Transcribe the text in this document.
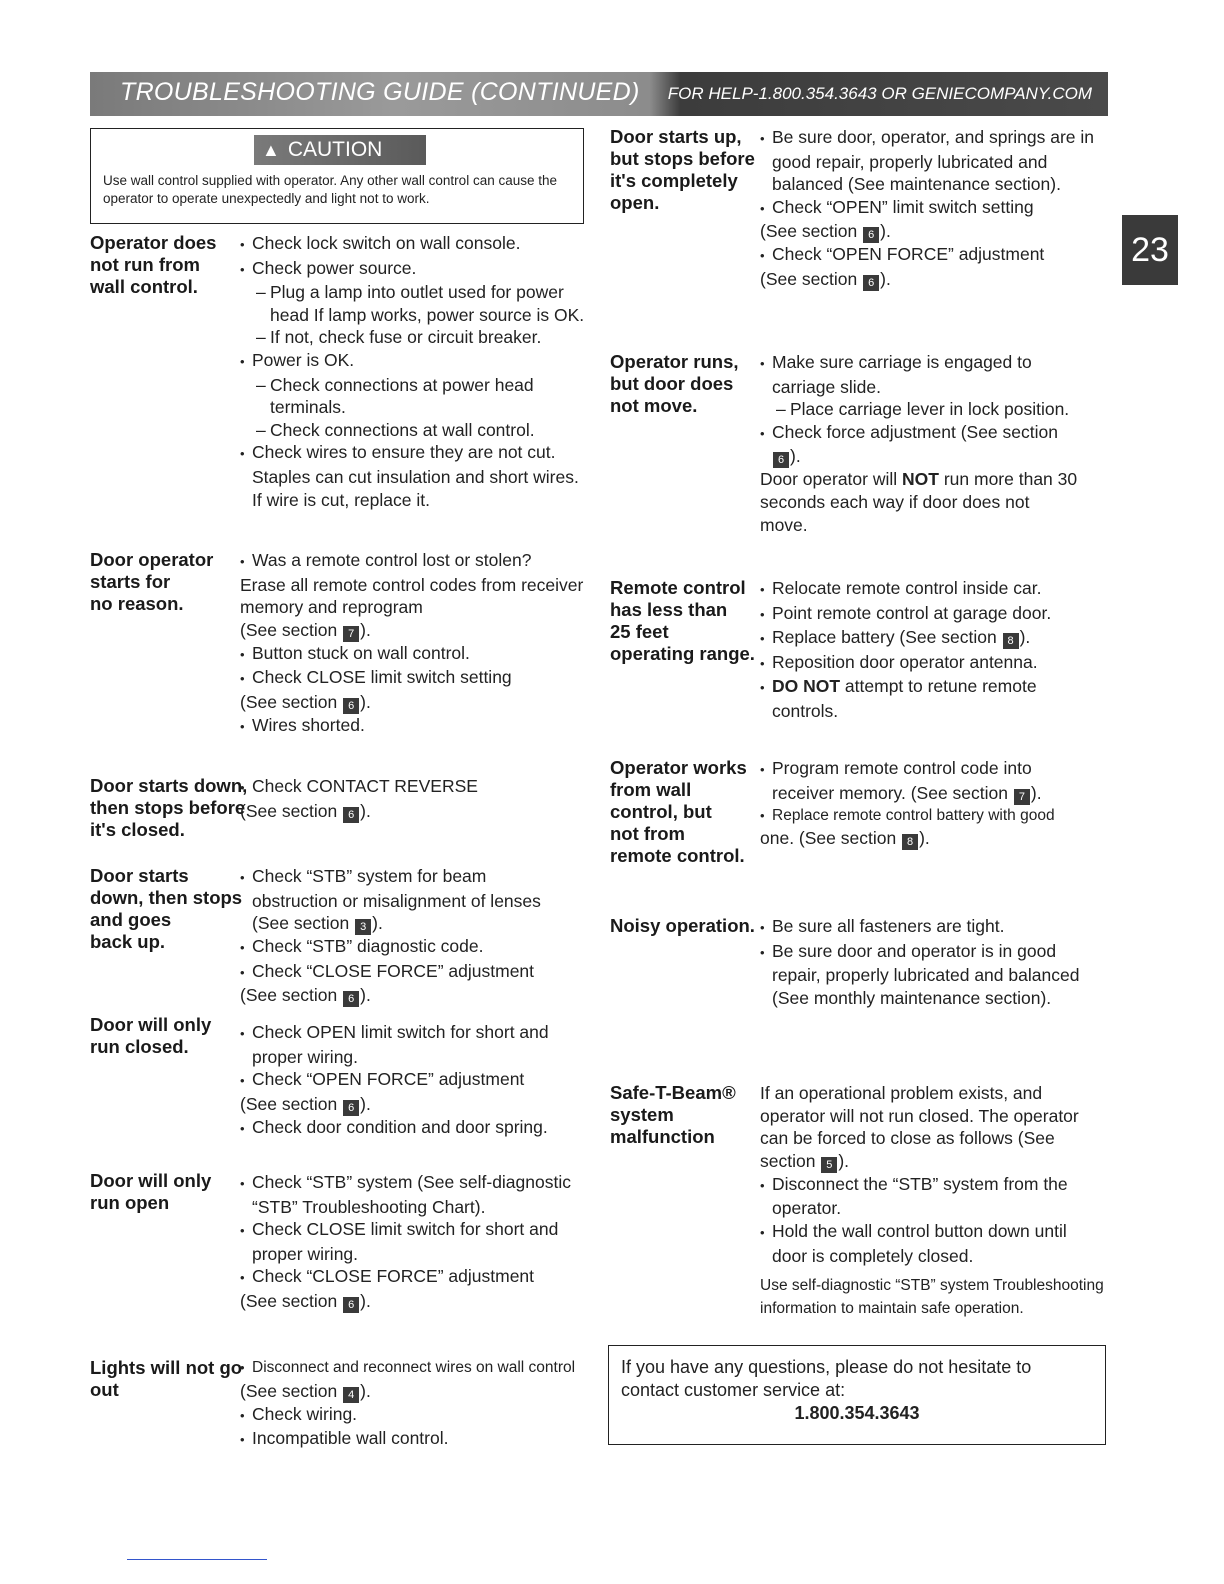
TROUBLESHOOTING GUIDE (CONTINUED) FOR HELP-1.800.354.3643 OR GENIECOMPANY.COM
23
▲ CAUTION
Use wall control supplied with operator. Any other wall control can cause the operator to operate unexpectedly and light not to work.
Operator does
not run from
wall control.
• Check lock switch on wall console.
• Check power source.
– Plug a lamp into outlet used for power head If lamp works, power source is OK.
– If not, check fuse or circuit breaker.
• Power is OK.
– Check connections at power head terminals.
– Check connections at wall control.
• Check wires to ensure they are not cut. Staples can cut insulation and short wires. If wire is cut, replace it.
Door operator
starts for
no reason.
• Was a remote control lost or stolen?
Erase all remote control codes from receiver memory and reprogram
(See section 7 ).
• Button stuck on wall control.
• Check CLOSE limit switch setting
(See section 6 ).
• Wires shorted.
Door starts down,
then stops before
it's closed.
• Check CONTACT REVERSE
(See section 6 ).
Door starts
down, then stops
and goes
back up.
• Check “STB” system for beam obstruction or misalignment of lenses (See section 3 ).
• Check “STB” diagnostic code.
• Check “CLOSE FORCE” adjustment
(See section 6 ).
Door will only
run closed.
• Check OPEN limit switch for short and proper wiring.
• Check “OPEN FORCE” adjustment
(See section 6 ).
• Check door condition and door spring.
Door will only
run open
• Check “STB” system (See self-diagnostic “STB” Troubleshooting Chart).
• Check CLOSE limit switch for short and proper wiring.
• Check “CLOSE FORCE” adjustment
(See section 6 ).
Lights will not go
out
• Disconnect and reconnect wires on wall control
(See section 4 ).
• Check wiring.
• Incompatible wall control.
Door starts up,
but stops before
it's completely
open.
• Be sure door, operator, and springs are in good repair, properly lubricated and balanced (See maintenance section).
• Check “OPEN” limit switch setting
(See section 6 ).
• Check “OPEN FORCE” adjustment
(See section 6 ).
Operator runs,
but door does
not move.
• Make sure carriage is engaged to carriage slide.
– Place carriage lever in lock position.
• Check force adjustment (See section 6 ).
Door operator will NOT run more than 30 seconds each way if door does not move.
Remote control
has less than
25 feet
operating range.
• Relocate remote control inside car.
• Point remote control at garage door.
• Replace battery (See section 8 ).
• Reposition door operator antenna.
• DO NOT attempt to retune remote controls.
Operator works
from wall
control, but
not from
remote control.
• Program remote control code into receiver memory. (See section 7 ).
• Replace remote control battery with good
one. (See section 8 ).
Noisy operation.
• Be sure all fasteners are tight.
• Be sure door and operator is in good repair, properly lubricated and balanced (See monthly maintenance section).
Safe-T-Beam®
system
malfunction
If an operational problem exists, and operator will not run closed. The operator can be forced to close as follows (See section 5 ).
• Disconnect the “STB” system from the operator.
• Hold the wall control button down until door is completely closed.
Use self-diagnostic “STB” system Troubleshooting information to maintain safe operation.
If you have any questions, please do not hesitate to contact customer service at:
1.800.354.3643
